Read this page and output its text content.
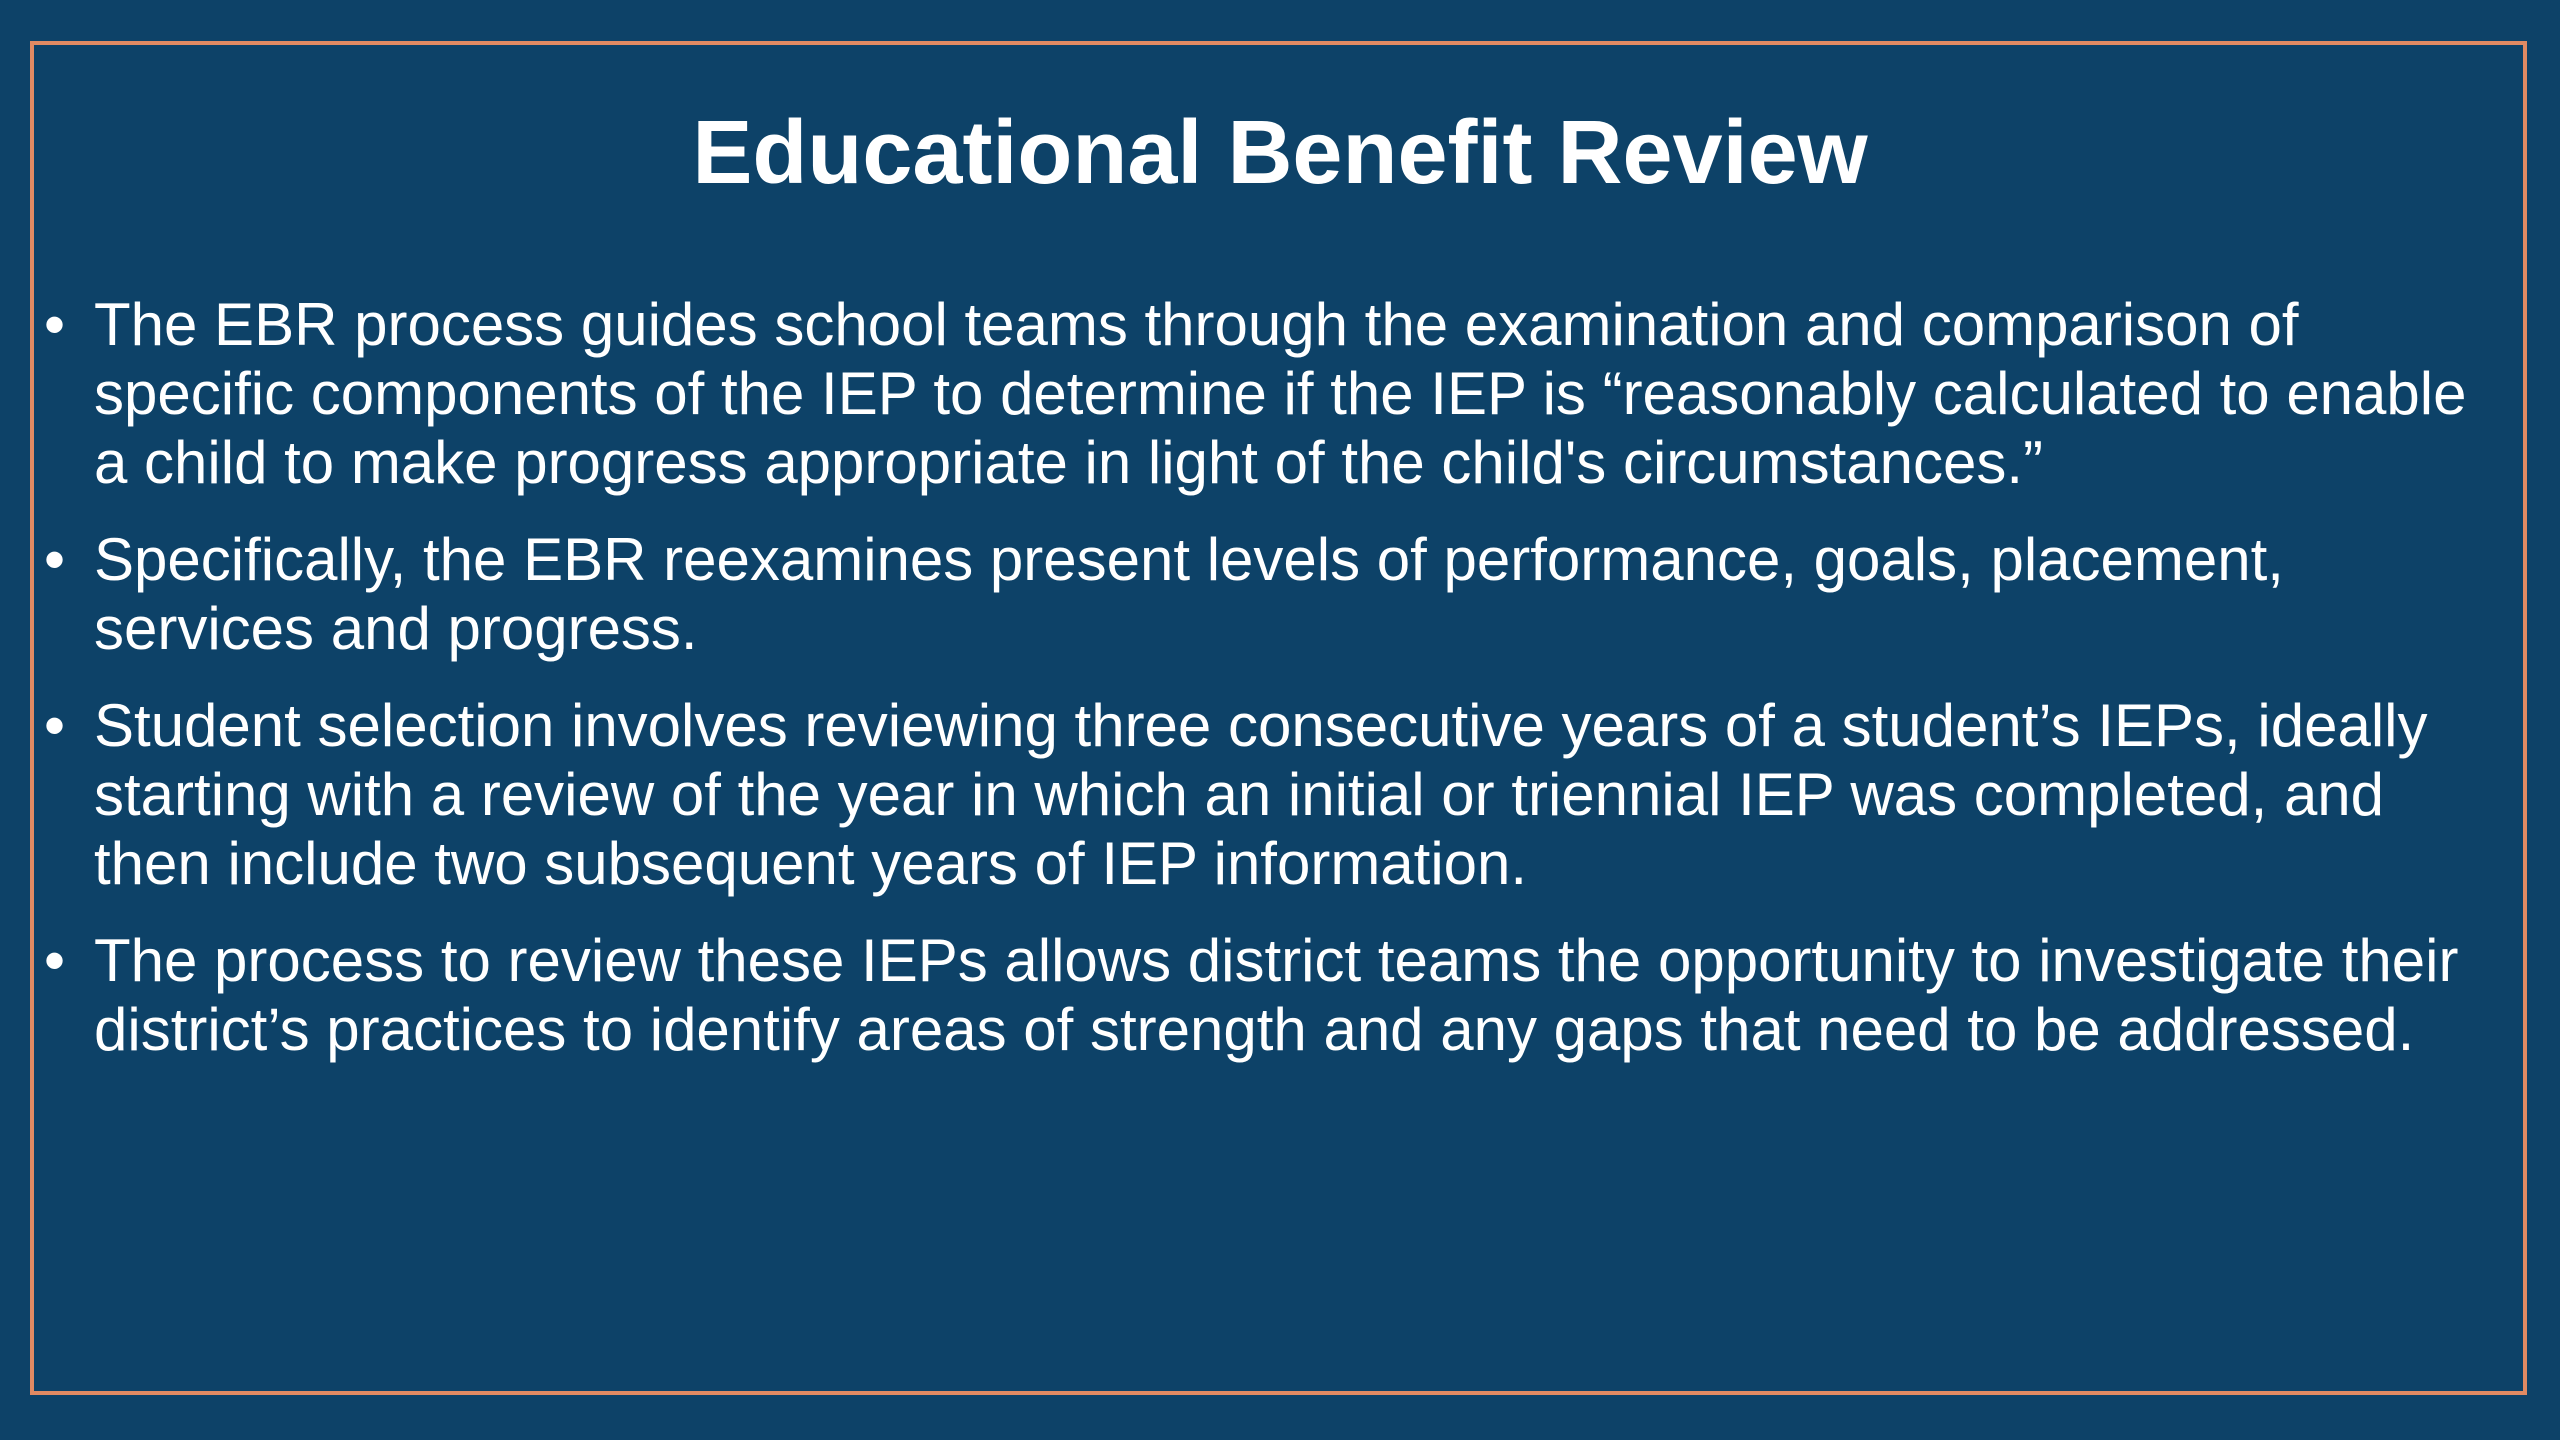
Educational Benefit Review
• The EBR process guides school teams through the examination and comparison of specific components of the IEP to determine if the IEP is “reasonably calculated to enable a child to make progress appropriate in light of the child's circumstances.”
• Specifically, the EBR reexamines present levels of performance, goals, placement, services and progress.
• Student selection involves reviewing three consecutive years of a student’s IEPs, ideally starting with a review of the year in which an initial or triennial IEP was completed, and then include two subsequent years of IEP information.
• The process to review these IEPs allows district teams the opportunity to investigate their district’s practices to identify areas of strength and any gaps that need to be addressed.
